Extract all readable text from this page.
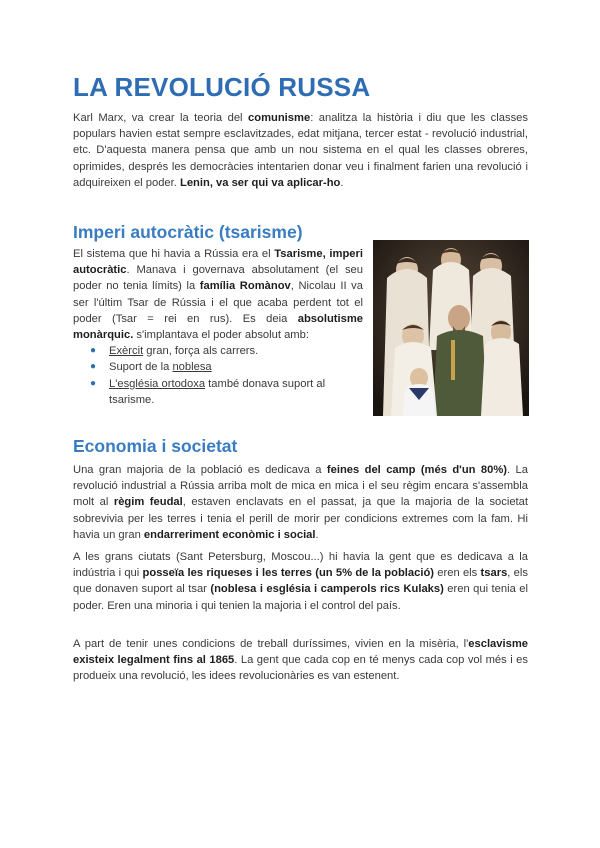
LA REVOLUCIÓ RUSSA

Karl Marx, va crear la teoria del comunisme: analitza la història i diu que les classes populars havien estat sempre esclavitzades, edat mitjana, tercer estat - revolució industrial, etc. D'aquesta manera pensa que amb un nou sistema en el qual les classes obreres, oprimides, després les democràcies intentarien donar veu i finalment farien una revolució i adquireixen el poder. Lenin, va ser qui va aplicar-ho.

Imperi autocràtic (tsarisme)

El sistema que hi havia a Rússia era el Tsarisme, imperi autocràtic. Manava i governava absolutament (el seu poder no tenia límits) la família Romànov, Nicolau II va ser l'últim Tsar de Rússia i el que acaba perdent tot el poder (Tsar = rei en rus). Es deia absolutisme monàrquic. s'implantava el poder absolut amb:

● Exèrcit gran, força als carrers.
● Suport de la noblesa
● L'església ortodoxa també donava suport al tsarisme.
Economia i societat

Una gran majoria de la població es dedicava a feines del camp (més d'un 80%). La revolució industrial a Rússia arriba molt de mica en mica i el seu règim encara s'assembla molt al règim feudal, estaven enclavats en el passat, ja que la majoria de la societat sobrevivia per les terres i tenia el perill de morir per condicions extremes com la fam. Hi havia un gran endarreriment econòmic i social.

A les grans ciutats (Sant Petersburg, Moscou...) hi havia la gent que es dedicava a la indústria i qui posseïa les riqueses i les terres (un 5% de la població) eren els tsars, els que donaven suport al tsar (noblesa i església i camperols rics Kulaks) eren qui tenia el poder. Eren una minoria i qui tenien la majoria i el control del país.

A part de tenir unes condicions de treball duríssimes, vivien en la misèria, l'esclavisme existeix legalment fins al 1865. La gent que cada cop en té menys cada cop vol més i es produeix una revolució, les idees revolucionàries es van estenent.
